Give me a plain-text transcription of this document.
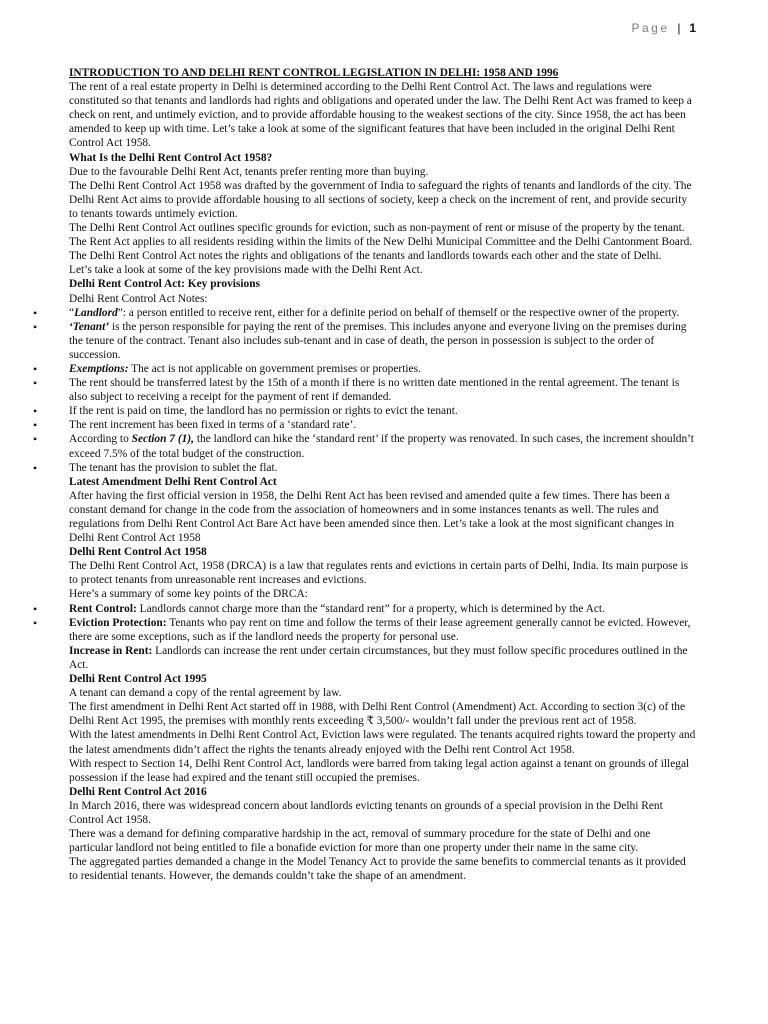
Page | 1

INTRODUCTION TO AND DELHI RENT CONTROL LEGISLATION IN DELHI: 1958 AND 1996

The rent of a real estate property in Delhi is determined according to the Delhi Rent Control Act. The laws and regulations were constituted so that tenants and landlords had rights and obligations and operated under the law. The Delhi Rent Act was framed to keep a check on rent, and untimely eviction, and to provide affordable housing to the weakest sections of the city. Since 1958, the act has been amended to keep up with time. Let’s take a look at some of the significant features that have been included in the original Delhi Rent Control Act 1958.

What Is the Delhi Rent Control Act 1958?

Due to the favourable Delhi Rent Act, tenants prefer renting more than buying.

The Delhi Rent Control Act 1958 was drafted by the government of India to safeguard the rights of tenants and landlords of the city. The Delhi Rent Act aims to provide affordable housing to all sections of society, keep a check on the increment of rent, and provide security to tenants towards untimely eviction.

The Delhi Rent Control Act outlines specific grounds for eviction, such as non-payment of rent or misuse of the property by the tenant. The Rent Act applies to all residents residing within the limits of the New Delhi Municipal Committee and the Delhi Cantonment Board. The Delhi Rent Control Act notes the rights and obligations of the tenants and landlords towards each other and the state of Delhi.

Let’s take a look at some of the key provisions made with the Delhi Rent Act.

Delhi Rent Control Act: Key provisions

Delhi Rent Control Act Notes:

• “Landlord”: a person entitled to receive rent, either for a definite period on behalf of themself or the respective owner of the property.
• ‘Tenant’ is the person responsible for paying the rent of the premises. This includes anyone and everyone living on the premises during the tenure of the contract. Tenant also includes sub-tenant and in case of death, the person in possession is subject to the order of succession.
• Exemptions: The act is not applicable on government premises or properties.
• The rent should be transferred latest by the 15th of a month if there is no written date mentioned in the rental agreement. The tenant is also subject to receiving a receipt for the payment of rent if demanded.
• If the rent is paid on time, the landlord has no permission or rights to evict the tenant.
• The rent increment has been fixed in terms of a ‘standard rate’.
• According to Section 7 (1), the landlord can hike the ‘standard rent’ if the property was renovated. In such cases, the increment shouldn’t exceed 7.5% of the total budget of the construction.
• The tenant has the provision to sublet the flat.
Latest Amendment Delhi Rent Control Act

After having the first official version in 1958, the Delhi Rent Act has been revised and amended quite a few times. There has been a constant demand for change in the code from the association of homeowners and in some instances tenants as well. The rules and regulations from Delhi Rent Control Act Bare Act have been amended since then. Let’s take a look at the most significant changes in Delhi Rent Control Act 1958

Delhi Rent Control Act 1958

The Delhi Rent Control Act, 1958 (DRCA) is a law that regulates rents and evictions in certain parts of Delhi, India. Its main purpose is to protect tenants from unreasonable rent increases and evictions.

Here’s a summary of some key points of the DRCA:

• Rent Control: Landlords cannot charge more than the “standard rent” for a property, which is determined by the Act.
• Eviction Protection: Tenants who pay rent on time and follow the terms of their lease agreement generally cannot be evicted. However, there are some exceptions, such as if the landlord needs the property for personal use.

Increase in Rent: Landlords can increase the rent under certain circumstances, but they must follow specific procedures outlined in the Act.

Delhi Rent Control Act 1995

A tenant can demand a copy of the rental agreement by law.

The first amendment in Delhi Rent Act started off in 1988, with Delhi Rent Control (Amendment) Act. According to section 3(c) of the Delhi Rent Act 1995, the premises with monthly rents exceeding ₹ 3,500/- wouldn’t fall under the previous rent act of 1958.

With the latest amendments in Delhi Rent Control Act, Eviction laws were regulated. The tenants acquired rights toward the property and the latest amendments didn’t affect the rights the tenants already enjoyed with the Delhi rent Control Act 1958.

With respect to Section 14, Delhi Rent Control Act, landlords were barred from taking legal action against a tenant on grounds of illegal possession if the lease had expired and the tenant still occupied the premises.

Delhi Rent Control Act 2016

In March 2016, there was widespread concern about landlords evicting tenants on grounds of a special provision in the Delhi Rent Control Act 1958.

There was a demand for defining comparative hardship in the act, removal of summary procedure for the state of Delhi and one particular landlord not being entitled to file a bonafide eviction for more than one property under their name in the same city.

The aggregated parties demanded a change in the Model Tenancy Act to provide the same benefits to commercial tenants as it provided to residential tenants. However, the demands couldn’t take the shape of an amendment.
